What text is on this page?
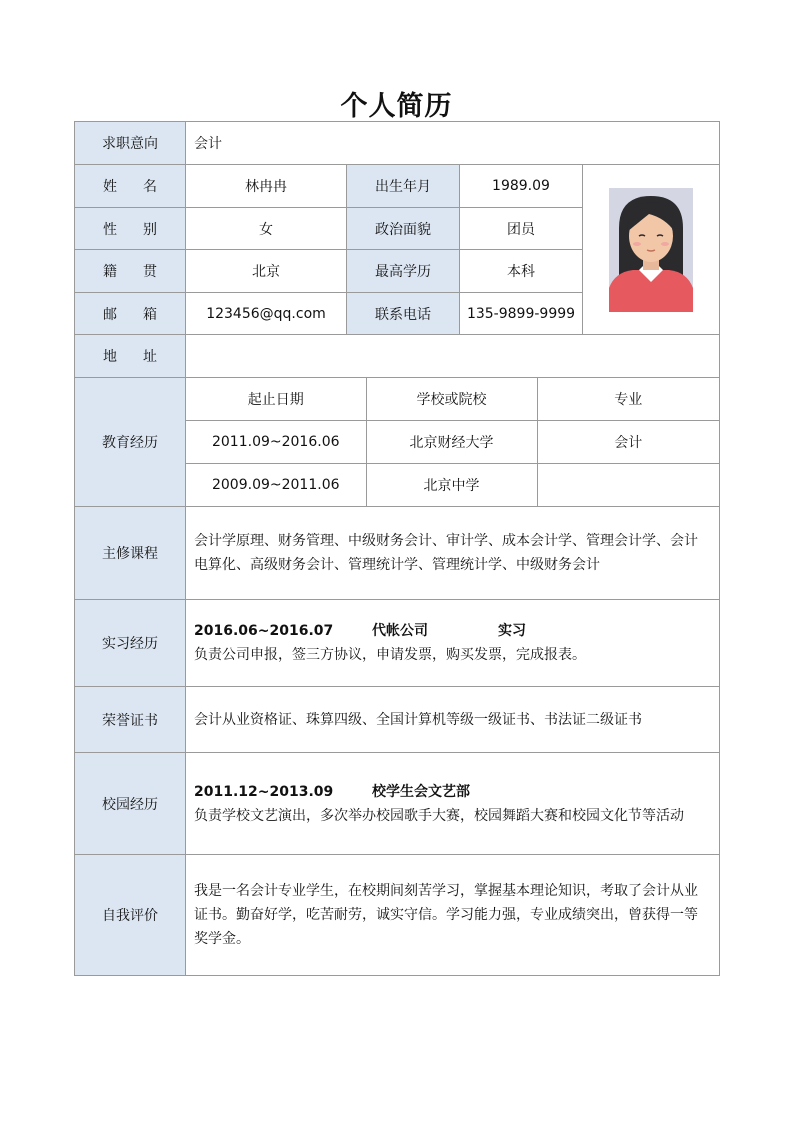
个人简历
求职意向	会计

姓 名	林冉冉	出生年月	1989.09	

性 别	女	政治面貌	团员

籍 贯	北京	最高学历	本科

邮 箱	123456@qq.com	联系电话	135-9899-9999

地 址

教育经历	
起止日期	学校或院校	专业
2011.09~2016.06	北京财经大学	会计
2009.09~2011.06	北京中学	

主修课程	
会计学原理、财务管理、中级财务会计、审计学、成本会计学、管理会计学、会计电算化、高级财务会计、管理统计学、管理统计学、中级财务会计

实习经历	
2016.06~2016.07	代帐公司	实习
负责公司申报，签三方协议，申请发票，购买发票，完成报表。

荣誉证书	会计从业资格证、珠算四级、全国计算机等级一级证书、书法证二级证书

校园经历	
2011.12~2013.09	校学生会文艺部
负责学校文艺演出，多次举办校园歌手大赛，校园舞蹈大赛和校园文化节等活动

自我评价	
我是一名会计专业学生，在校期间刻苦学习，掌握基本理论知识，考取了会计从业证书。勤奋好学，吃苦耐劳，诚实守信。学习能力强，专业成绩突出，曾获得一等奖学金。
